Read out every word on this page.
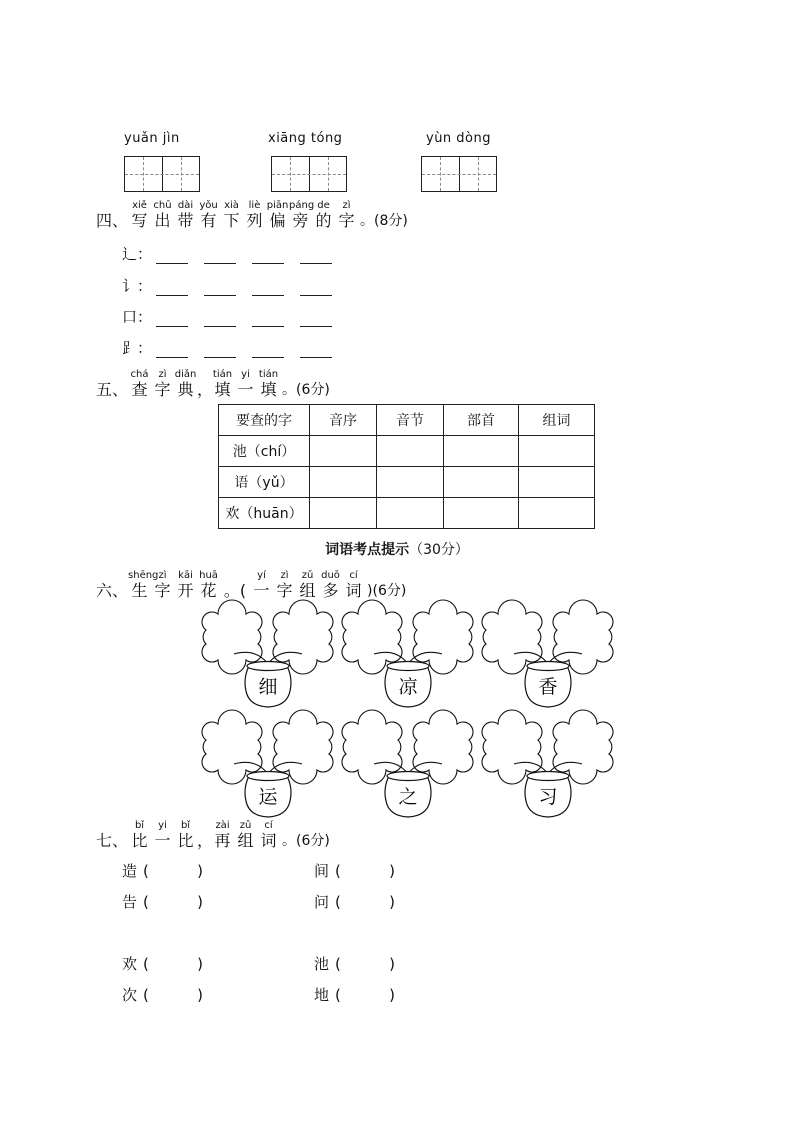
yuǎn jìn	xiāng tóng	yùn dòng
四、
xiě
写
chū
出
dài
带
yǒu
有
xià
下
liè
列
piān
偏
páng
旁
de
的
zì
字 。(8分)
辶：
讠：
口：
⻊：
五、
chá
查
zì
字
diǎn
典 ，
tián
填
yi
一
tián
填 。(6分)
要查的字	音序	音节	部首	组词
池（chí）				
语（yǔ）				
欢（huān）				
词语考点提示（30分）
六、
shēng
生
zì
字
kāi
开
huā
花 。(
yí
一
zì
字
zǔ
组
duō
多
cí
词 )(6分)
细	凉	香
运	之	习
七、
bǐ
比
yi
一
bǐ
比 ，
zài
再
zǔ
组
cí
词 。(6分)
造 ( )	间( )
告 ( )	问( )
欢 ( )	池( )
次 ( )	地( )
